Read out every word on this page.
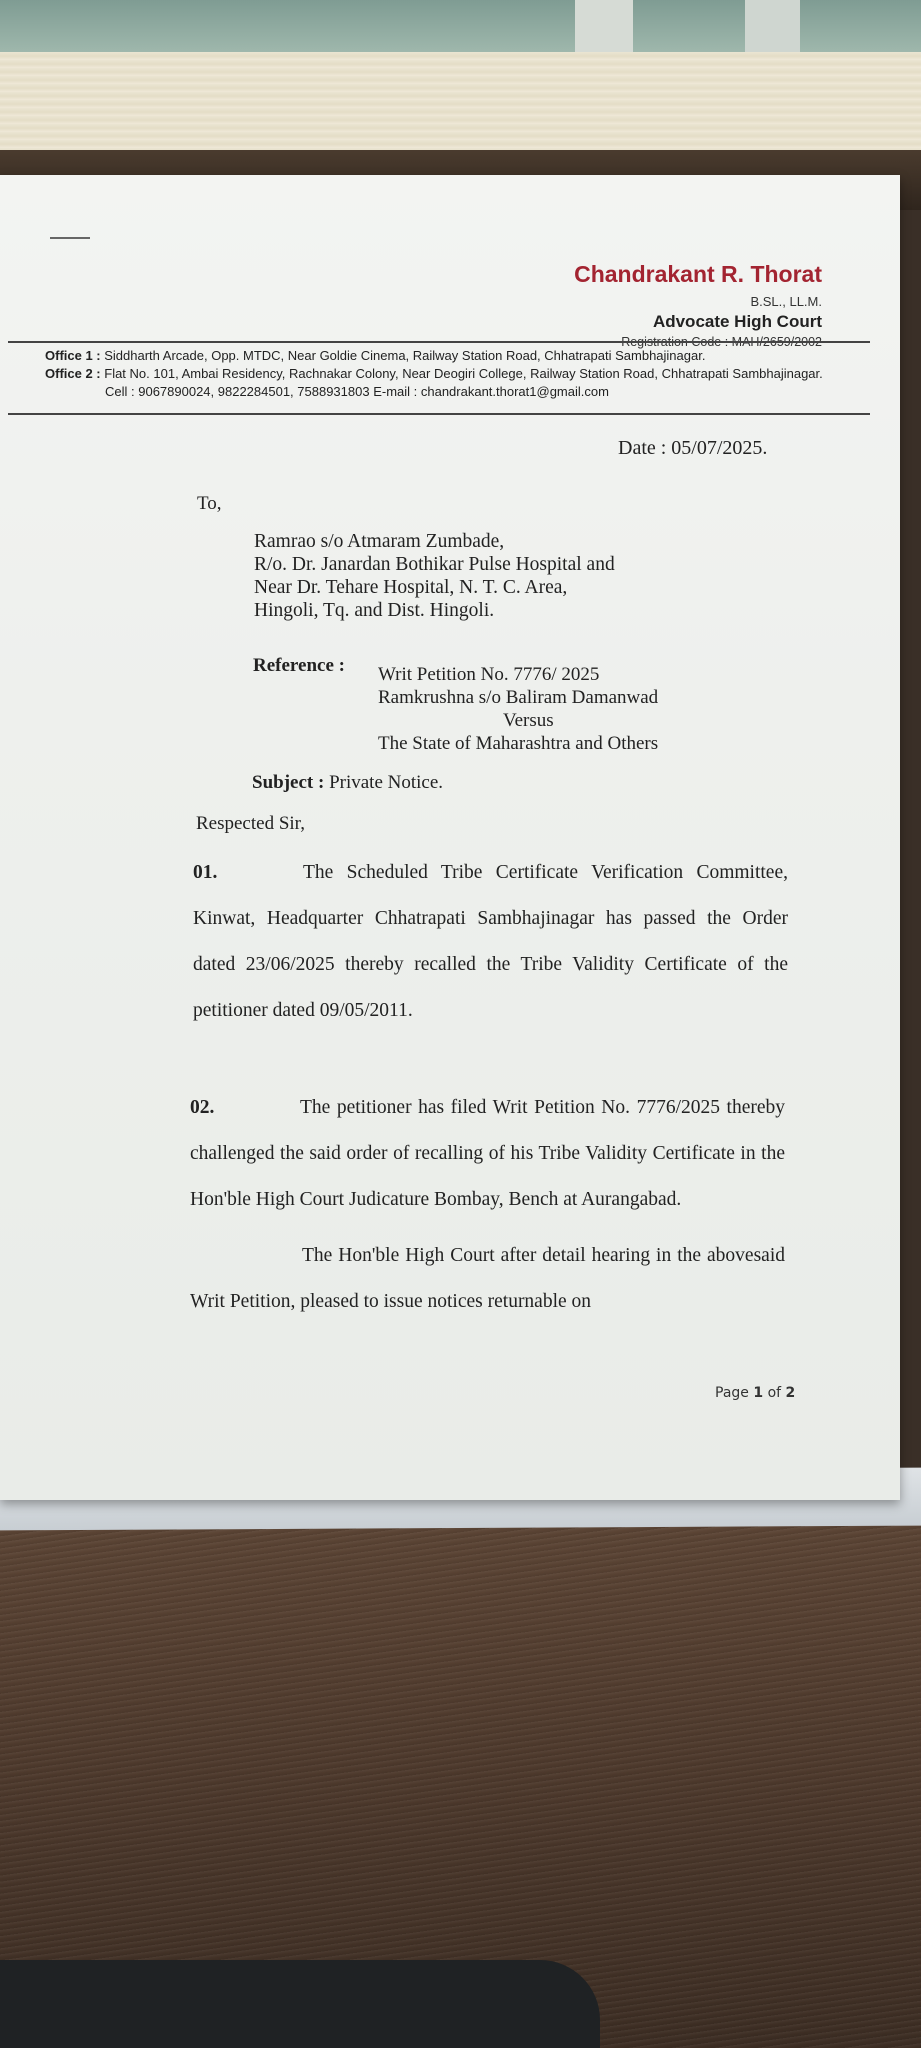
Chandrakant R. Thorat
B.SL., LL.M.
Advocate High Court
Office 1 : Siddharth Arcade, Opp. MTDC, Near Goldie Cinema, Railway Station Road, Chhatrapati Sambhajinagar.
Office 2 : Flat No. 101, Ambai Residency, Rachnakar Colony, Near Deogiri College, Railway Station Road, Chhatrapati Sambhajinagar.
Cell : 9067890024, 9822284501, 7588931803 E-mail : chandrakant.thorat1@gmail.com
Date : 05/07/2025.
To,
Ramrao s/o Atmaram Zumbade,
R/o. Dr. Janardan Bothikar Pulse Hospital and
Near Dr. Tehare Hospital, N. T. C. Area,
Hingoli, Tq. and Dist. Hingoli.
Reference : Writ Petition No. 7776/ 2025
Ramkrushna s/o Baliram Damanwad
Versus
The State of Maharashtra and Others
Subject : Private Notice.
Respected Sir,
01.	The Scheduled Tribe Certificate Verification Committee, Kinwat, Headquarter Chhatrapati Sambhajinagar has passed the Order dated 23/06/2025 thereby recalled the Tribe Validity Certificate of the petitioner dated 09/05/2011.
02.	The petitioner has filed Writ Petition No. 7776/2025 thereby challenged the said order of recalling of his Tribe Validity Certificate in the Hon'ble High Court Judicature Bombay, Bench at Aurangabad.
The Hon'ble High Court after detail hearing in the abovesaid Writ Petition, pleased to issue notices returnable on
Page 1 of 2
